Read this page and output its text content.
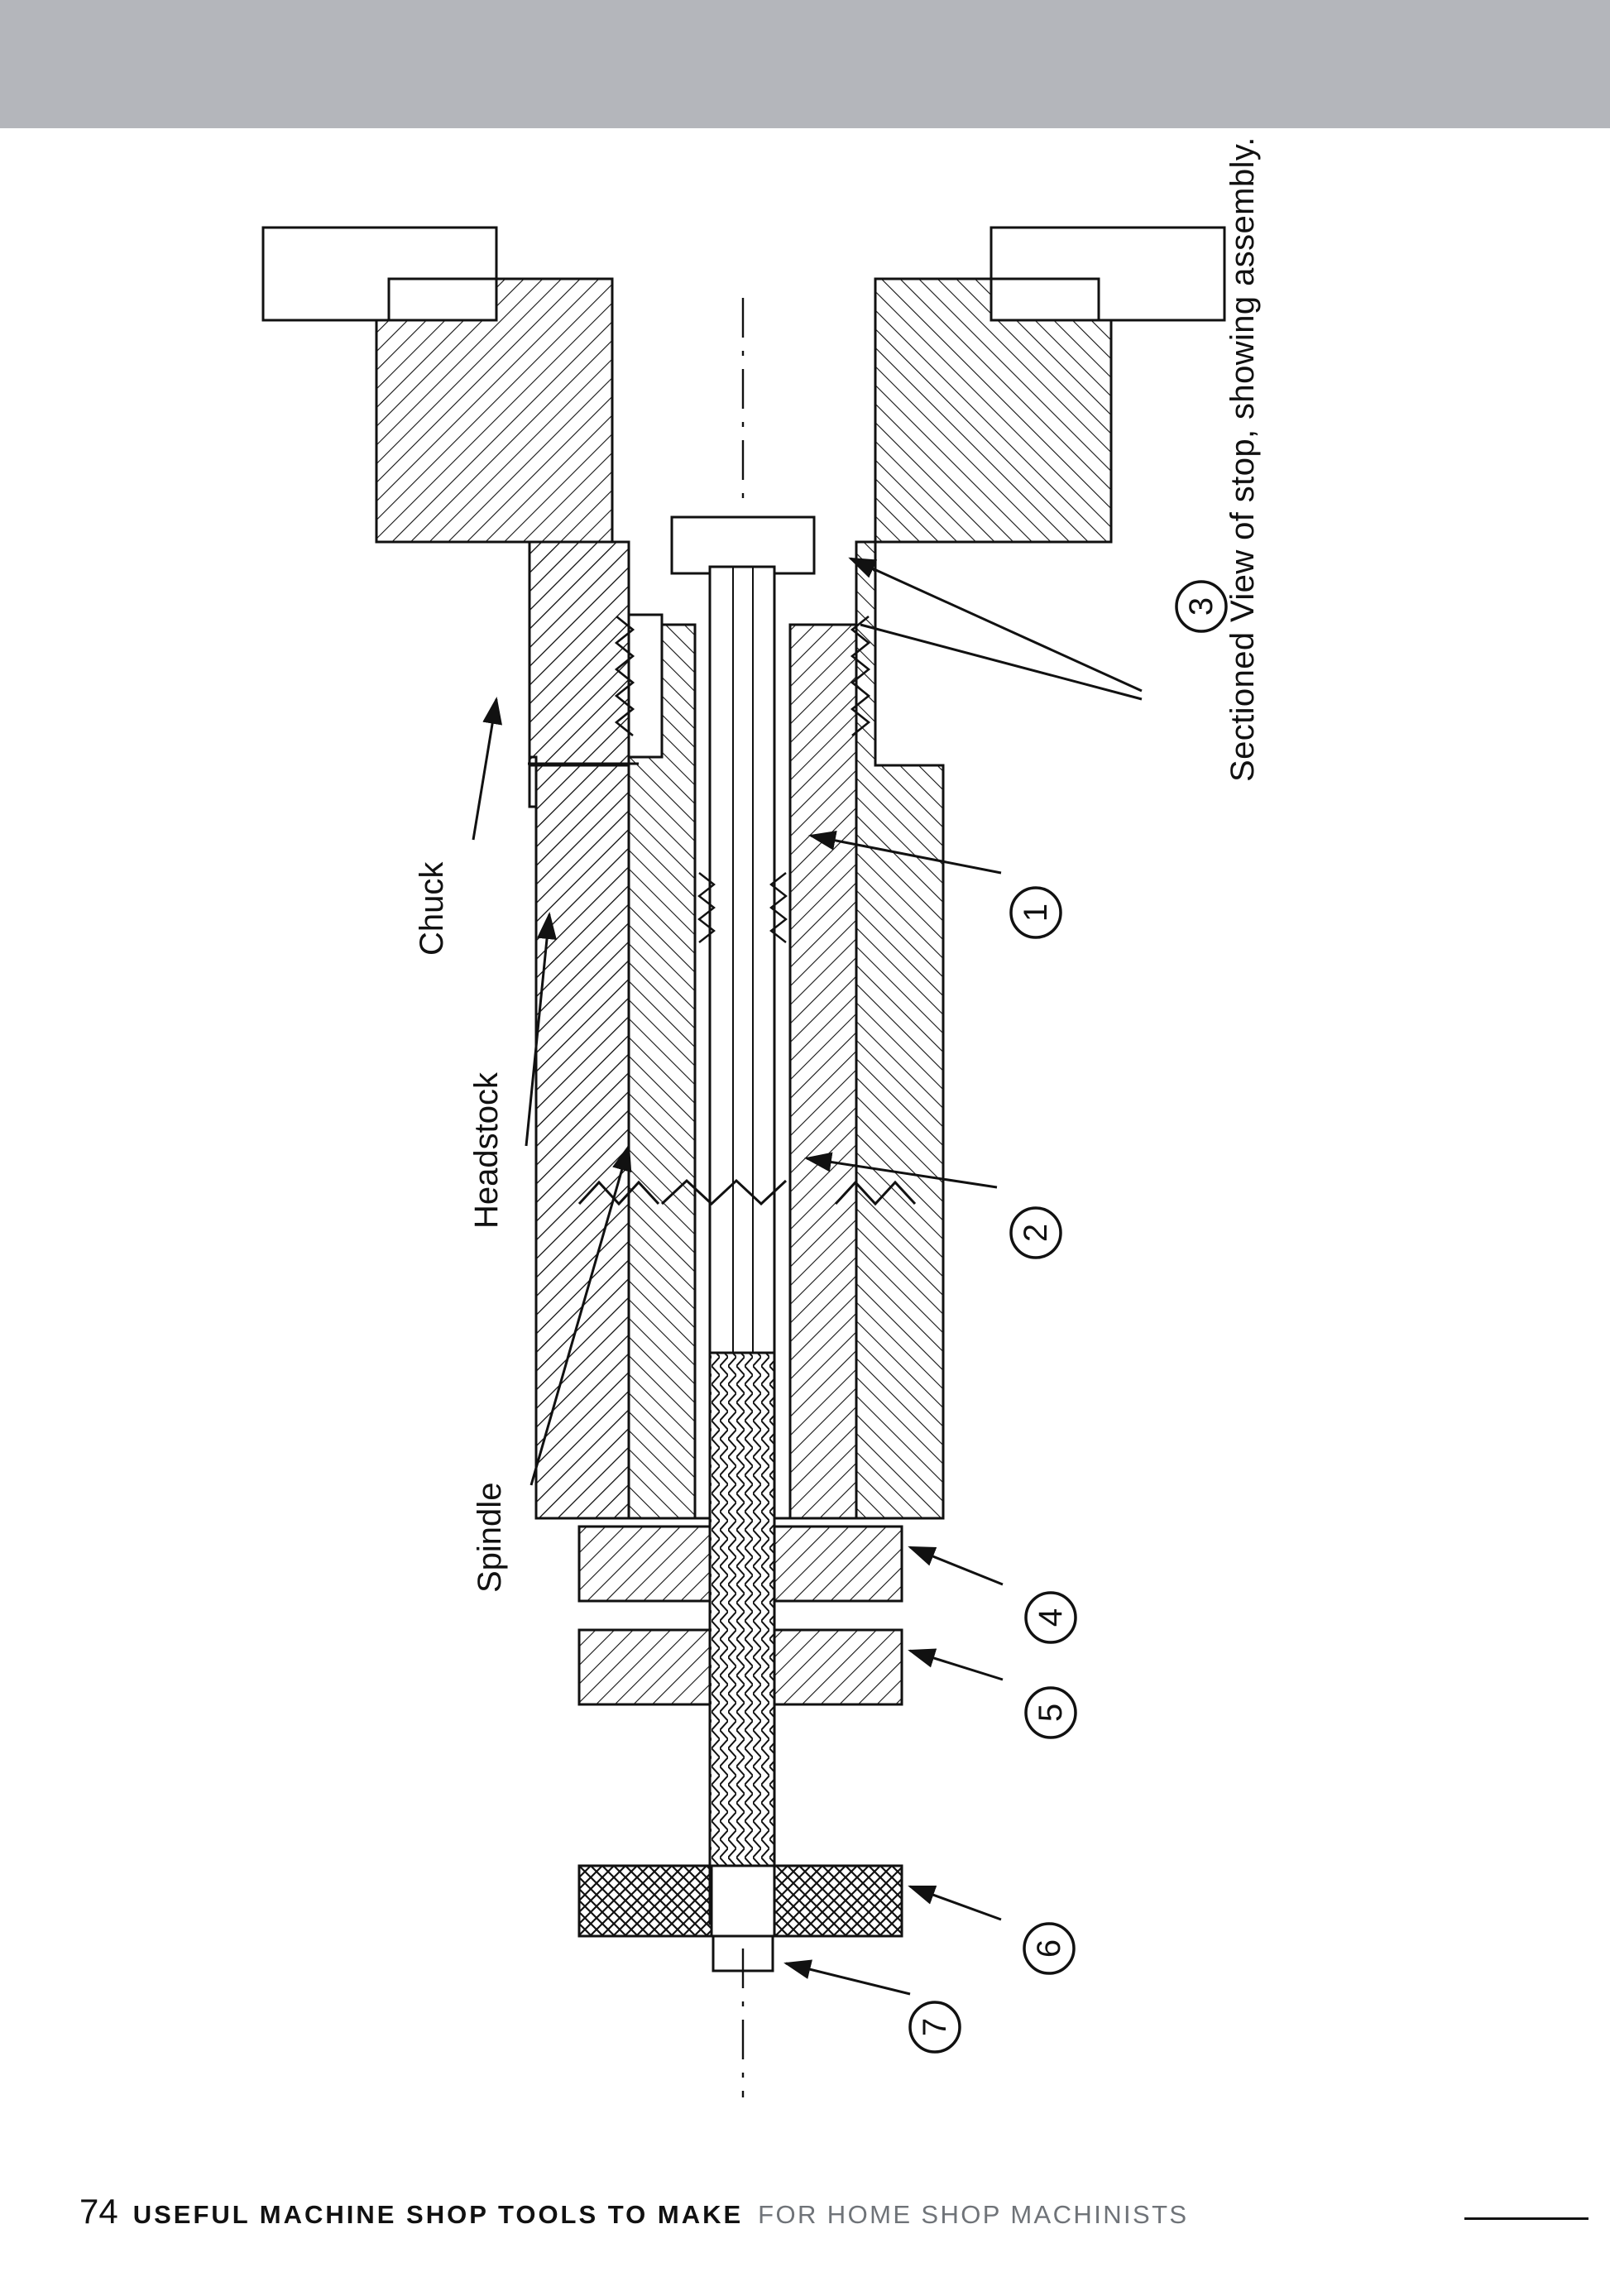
1
2
3
4
5
6
7
Chuck
Headstock
Spindle
Sectioned View of stop, showing assembly.
74 USEFUL MACHINE SHOP TOOLS TO MAKE FOR HOME SHOP MACHINISTS
